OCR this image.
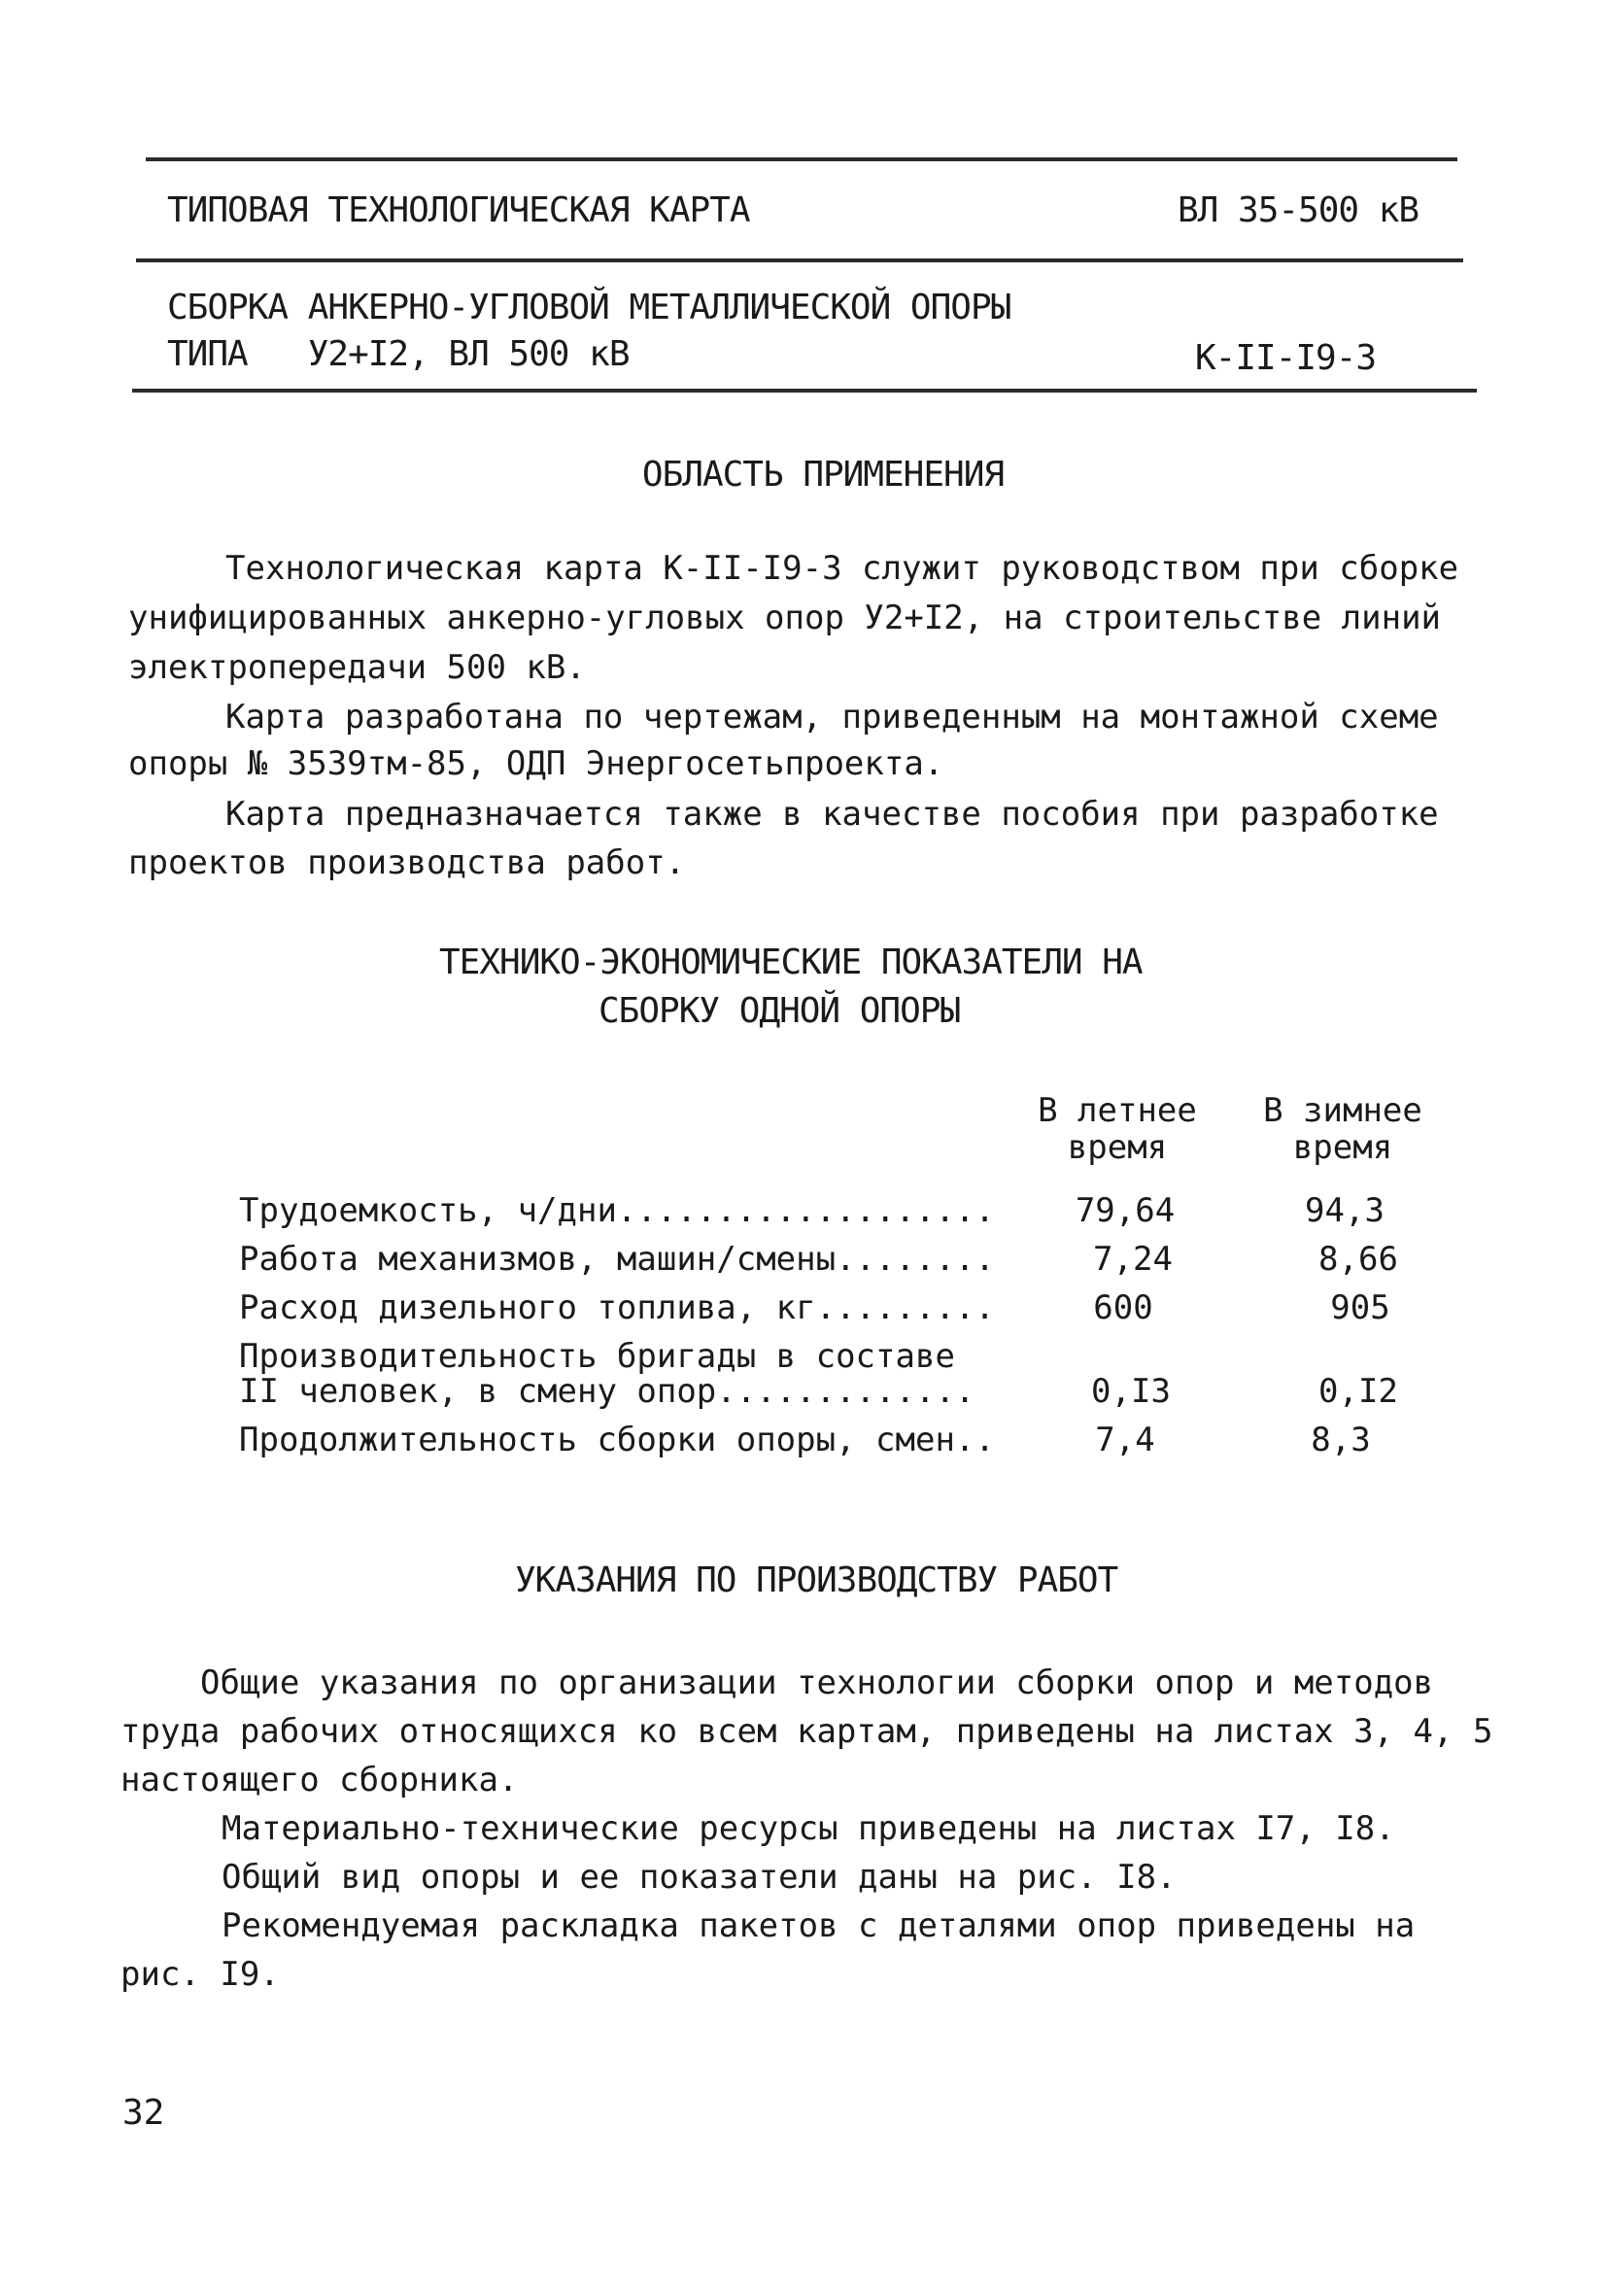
ТИПОВАЯ ТЕХНОЛОГИЧЕСКАЯ КАРТА	ВЛ 35-500 кВ
СБОРКА АНКЕРНО-УГЛОВОЙ МЕТАЛЛИЧЕСКОЙ ОПОРЫ
ТИПА   У2+I2, ВЛ 500 кВ	К-II-I9-3
ОБЛАСТЬ ПРИМЕНЕНИЯ
Технологическая карта К-II-I9-3 служит руководством при сборке
унифицированных анкерно-угловых опор У2+I2, на строительстве линий
электропередачи 500 кВ.
Карта разработана по чертежам, приведенным на монтажной схеме
опоры № 3539тм-85, ОДП Энергосетьпроекта.
Карта предназначается также в качестве пособия при разработке
проектов производства работ.
ТЕХНИКО-ЭКОНОМИЧЕСКИЕ ПОКАЗАТЕЛИ НА
СБОРКУ ОДНОЙ ОПОРЫ
В летнее
время
В зимнее
время
Трудоемкость, ч/дни...................	79,64	94,3
Работа механизмов, машин/смены........	7,24	8,66
Расход дизельного топлива, кг.........	600	905
Производительность бригады в составе
II человек, в смену опор.............	0,I3	0,I2
Продолжительность сборки опоры, смен..	7,4	8,3
УКАЗАНИЯ ПО ПРОИЗВОДСТВУ РАБОТ
Общие указания по организации технологии сборки опор и методов
труда рабочих относящихся ко всем картам, приведены на листах 3, 4, 5
настоящего сборника.
Материально-технические ресурсы приведены на листах I7, I8.
Общий вид опоры и ее показатели даны на рис. I8.
Рекомендуемая раскладка пакетов с деталями опор приведены на
рис. I9.
32
